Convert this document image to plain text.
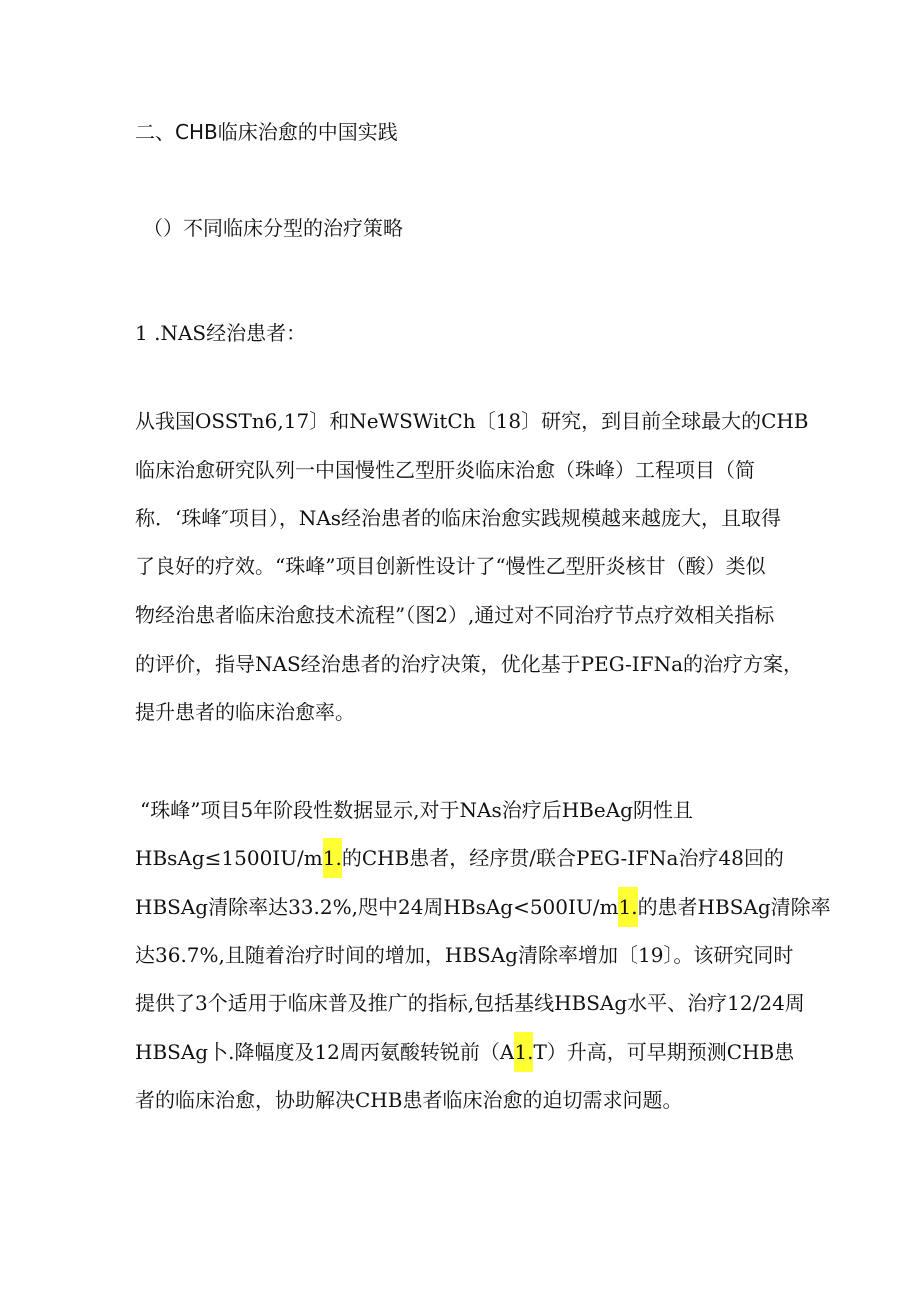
二、CHB临床治愈的中国实践
（）不同临床分型的治疗策略
1 .NAS经治患者：
从我国OSSTn6,17〕和NeWSWitCh〔18〕研究，到目前全球最大的CHB
临床治愈研究队列一中国慢性乙型肝炎临床治愈（珠峰）工程项目（简
称．‘珠峰″项目），NAs经治患者的临床治愈实践规模越来越庞大，且取得
了良好的疗效。“珠峰”项目创新性设计了“慢性乙型肝炎核甘（酸）类似
物经治患者临床治愈技术流程”（图2）,通过对不同治疗节点疗效相关指标
的评价，指导NAS经治患者的治疗决策，优化基于PEG-IFNa的治疗方案，
提升患者的临床治愈率。
“珠峰”项目5年阶段性数据显示,对于NAs治疗后HBeAg阴性且
HBsAg≤1500IU/m1.的CHB患者，经序贯/联合PEG-IFNa治疗48回的
HBSAg清除率达33.2%,咫中24周HBsAg<500IU/m1.的患者HBSAg清除率
达36.7%,且随着治疗时间的增加，HBSAg清除率增加〔19〕。该研究同时
提供了3个适用于临床普及推广的指标,包括基线HBSAg水平、治疗12/24周
HBSAg卜.降幅度及12周丙氨酸转锐前（A1.T）升高，可早期预测CHB患
者的临床治愈，协助解决CHB患者临床治愈的迫切需求问题。
